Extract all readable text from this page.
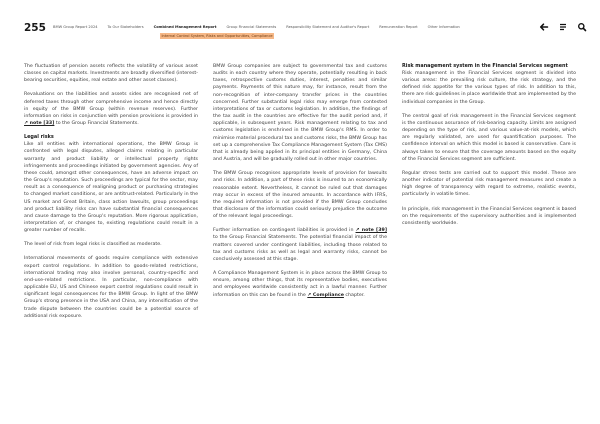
255 BMW Group Report 2024	To Our Stakeholders	Combined Management Report	Group Financial Statements	Responsibility Statement and Auditor's Report	Remuneration Report	Other Information
Internal Control System, Risks and Opportunities, Compliance

The fluctuation of pension assets reflects the volatility of various asset classes on capital markets. Investments are broadly diversified (interest-bearing securities, equities, real estate and other asset classes).

Revaluations on the liabilities and assets sides are recognised net of deferred taxes through other comprehensive income and hence directly in equity of the BMW Group (within revenue reserves). Further information on risks in conjunction with pension provisions is provided in ↗ note [33] to the Group Financial Statements.

Legal risks

Like all entities with international operations, the BMW Group is confronted with legal disputes, alleged claims relating in particular warranty and product liability or intellectual property rights infringements and proceedings initiated by government agencies. Any of these could, amongst other consequences, have an adverse impact on the Group's reputation. Such proceedings are typical for the sector, may result as a consequence of realigning product or purchasing strategies to changed market conditions, or are antitrust-related. Particularly in the US market and Great Britain, class action lawsuits, group proceedings and product liability risks can have substantial financial consequences and cause damage to the Group's reputation. More rigorous application, interpretation of, or changes to, existing regulations could result in a greater number of recalls.

The level of risk from legal risks is classified as moderate.

International movements of goods require compliance with extensive export control regulations. In addition to goods-related restrictions, international trading may also involve personal, country-specific and end-use-related restrictions. In particular, non-compliance with applicable EU, US and Chinese export control regulations could result in significant legal consequences for the BMW Group. In light of the BMW Group's strong presence in the USA and China, any intensification of the trade dispute between the countries could be a potential source of additional risk exposure.

BMW Group companies are subject to governmental tax and customs audits in each country where they operate, potentially resulting in back taxes, retrospective customs duties, interest, penalties and similar payments. Payments of this nature may, for instance, result from the non-recognition of inter-company transfer prices in the countries concerned. Further substantial legal risks may emerge from contested interpretations of tax or customs legislation. In addition, the findings of the tax audit in the countries are effective for the audit period and, if applicable, in subsequent years. Risk management relating to tax and customs legislation is enshrined in the BMW Group's RMS. In order to minimise material procedural tax and customs risks, the BMW Group has set up a comprehensive Tax Compliance Management System (Tax CMS) that is already being applied in its principal entities in Germany, China and Austria, and will be gradually rolled out in other major countries.

The BMW Group recognises appropriate levels of provision for lawsuits and risks. In addition, a part of these risks is insured to an economically reasonable extent. Nevertheless, it cannot be ruled out that damages may occur in excess of the insured amounts. In accordance with IFRS, the required information is not provided if the BMW Group concludes that disclosure of the information could seriously prejudice the outcome of the relevant legal proceedings.

Further information on contingent liabilities is provided in ↗ note [39] to the Group Financial Statements. The potential financial impact of the matters covered under contingent liabilities, including those related to tax and customs risks as well as legal and warranty risks, cannot be conclusively assessed at this stage.

A Compliance Management System is in place across the BMW Group to ensure, among other things, that its representative bodies, executives and employees worldwide consistently act in a lawful manner. Further information on this can be found in the ↗ Compliance chapter.

Risk management system in the Financial Services segment

Risk management in the Financial Services segment is divided into various areas: the prevailing risk culture, the risk strategy, and the defined risk appetite for the various types of risk. In addition to this, there are risk guidelines in place worldwide that are implemented by the individual companies in the Group.

The central goal of risk management in the Financial Services segment is the continuous assurance of risk-bearing capacity. Limits are assigned depending on the type of risk, and various value-at-risk models, which are regularly validated, are used for quantification purposes. The confidence interval on which this model is based is conservative. Care is always taken to ensure that the coverage amounts based on the equity of the Financial Services segment are sufficient.

Regular stress tests are carried out to support this model. These are another indicator of potential risk management measures and create a high degree of transparency with regard to extreme, realistic events, particularly in volatile times.

In principle, risk management in the Financial Services segment is based on the requirements of the supervisory authorities and is implemented consistently worldwide.
